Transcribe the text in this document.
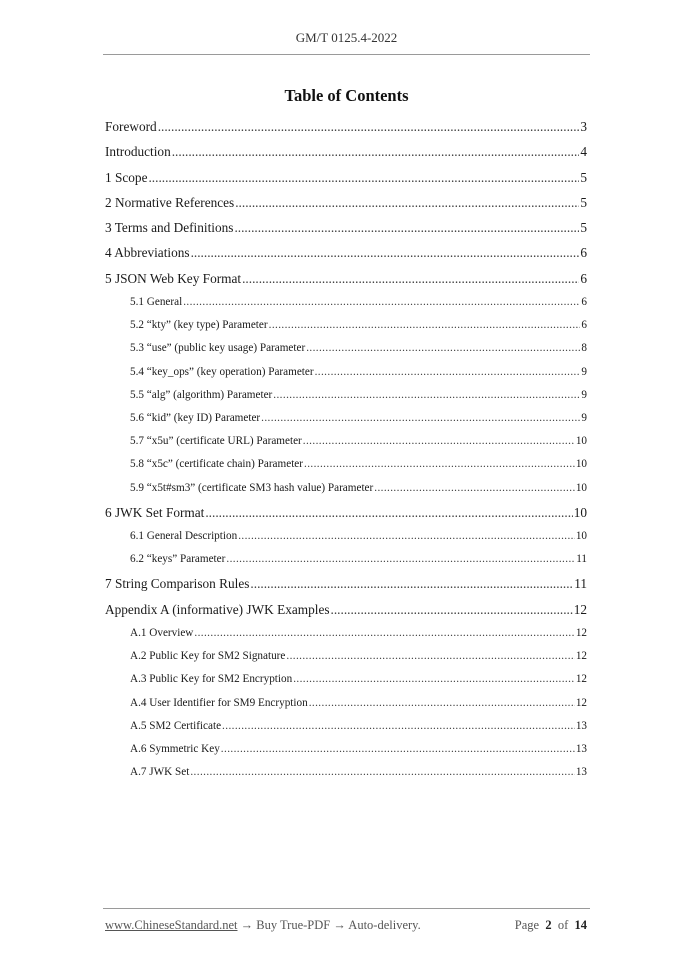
GM/T 0125.4-2022
Table of Contents
Foreword .....	3
Introduction .....	4
1 Scope .....	5
2 Normative References .....	5
3 Terms and Definitions .....	5
4 Abbreviations .....	6
5 JSON Web Key Format .....	6
5.1 General .....	6
5.2 “kty” (key type) Parameter .....	6
5.3 “use” (public key usage) Parameter .....	8
5.4 “key_ops” (key operation) Parameter .....	9
5.5 “alg” (algorithm) Parameter .....	9
5.6 “kid” (key ID) Parameter .....	9
5.7 “x5u” (certificate URL) Parameter .....	10
5.8 “x5c” (certificate chain) Parameter .....	10
5.9 “x5t#sm3” (certificate SM3 hash value) Parameter .....	10
6 JWK Set Format .....	10
6.1 General Description .....	10
6.2 “keys” Parameter .....	11
7 String Comparison Rules .....	11
Appendix A (informative) JWK Examples .....	12
A.1 Overview .....	12
A.2 Public Key for SM2 Signature .....	12
A.3 Public Key for SM2 Encryption .....	12
A.4 User Identifier for SM9 Encryption .....	12
A.5 SM2 Certificate .....	13
A.6 Symmetric Key .....	13
A.7 JWK Set .....	13
www.ChineseStandard.net → Buy True-PDF → Auto-delivery.	Page 2 of 14
